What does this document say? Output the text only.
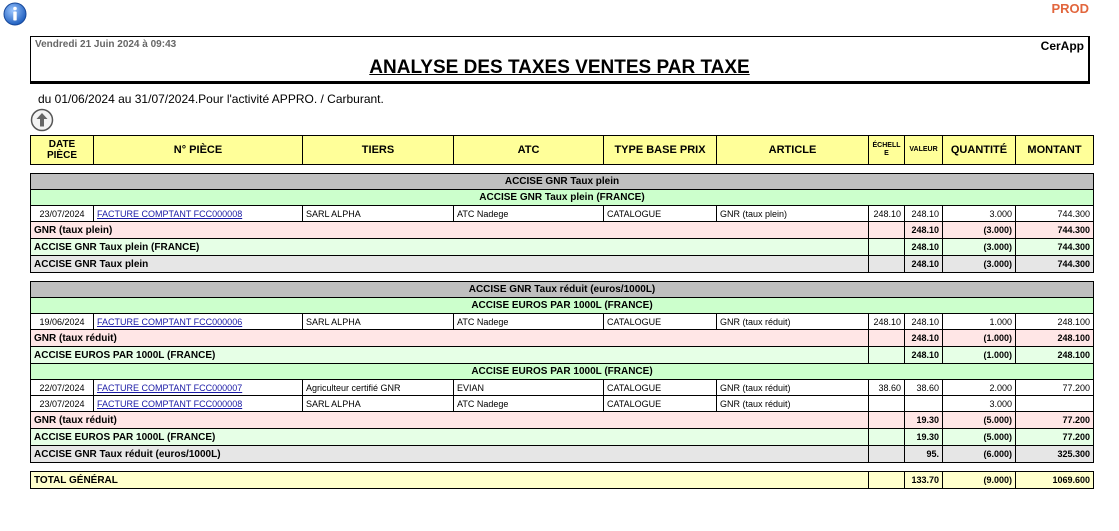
PROD
Vendredi 21 Juin 2024 à 09:43	CerApp
ANALYSE DES TAXES VENTES PAR TAXE
du 01/06/2024 au 31/07/2024.Pour l'activité APPRO. / Carburant.
DATE PIÈCE	N° PIÈCE	TIERS	ATC	TYPE BASE PRIX	ARTICLE	ÉCHELLE	VALEUR	QUANTITÉ	MONTANT

ACCISE GNR Taux plein									
ACCISE GNR Taux plein (FRANCE)									
23/07/2024	FACTURE COMPTANT FCC000008	SARL ALPHA	ATC Nadege	CATALOGUE	GNR (taux plein)	248.10	248.10	3.000	744.300
GNR (taux plein)							248.10	(3.000)	744.300
ACCISE GNR Taux plein (FRANCE)							248.10	(3.000)	744.300
ACCISE GNR Taux plein							248.10	(3.000)	744.300

ACCISE GNR Taux réduit (euros/1000L)									
ACCISE EUROS PAR 1000L (FRANCE)									
19/06/2024	FACTURE COMPTANT FCC000006	SARL ALPHA	ATC Nadege	CATALOGUE	GNR (taux réduit)	248.10	248.10	1.000	248.100
GNR (taux réduit)							248.10	(1.000)	248.100
ACCISE EUROS PAR 1000L (FRANCE)							248.10	(1.000)	248.100
ACCISE EUROS PAR 1000L (FRANCE)									
22/07/2024	FACTURE COMPTANT FCC000007	Agriculteur certifié GNR	EVIAN	CATALOGUE	GNR (taux réduit)	38.60	38.60	2.000	77.200
23/07/2024	FACTURE COMPTANT FCC000008	SARL ALPHA	ATC Nadege	CATALOGUE	GNR (taux réduit)			3.000	
GNR (taux réduit)							19.30	(5.000)	77.200
ACCISE EUROS PAR 1000L (FRANCE)							19.30	(5.000)	77.200
ACCISE GNR Taux réduit (euros/1000L)							95.	(6.000)	325.300

TOTAL GÉNÉRAL							133.70	(9.000)	1069.600
